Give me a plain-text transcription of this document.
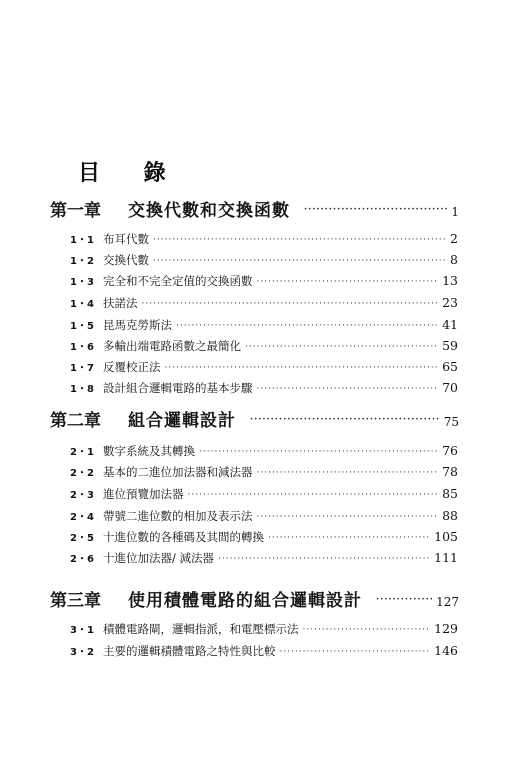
目 錄
第一章	交換代數和交換函數 ·····	1
1・1 布耳代數 ·····	2
1・2 交換代數 ·····	8
1・3 完全和不完全定值的交換函數 ·····	13
1・4 扶諾法 ·····	23
1・5 昆馬克勞斯法 ·····	41
1・6 多輸出端電路函數之最簡化 ·····	59
1・7 反覆校正法 ·····	65
1・8 設計組合邏輯電路的基本步驟 ·····	70
第二章	組合邏輯設計 ·····	75
2・1 數字系統及其轉換 ·····	76
2・2 基本的二進位加法器和減法器 ·····	78
2・3 進位預覽加法器 ·····	85
2・4 帶號二進位數的相加及表示法 ·····	88
2・5 十進位數的各種碼及其間的轉換 ·····	105
2・6 十進位加法器/ 減法器 ·····	111
第三章	使用積體電路的組合邏輯設計 ·····	127
3・1 積體電路閘，邏輯指派，和電壓標示法 ·····	129
3・2 主要的邏輯積體電路之特性與比較 ·····	146
